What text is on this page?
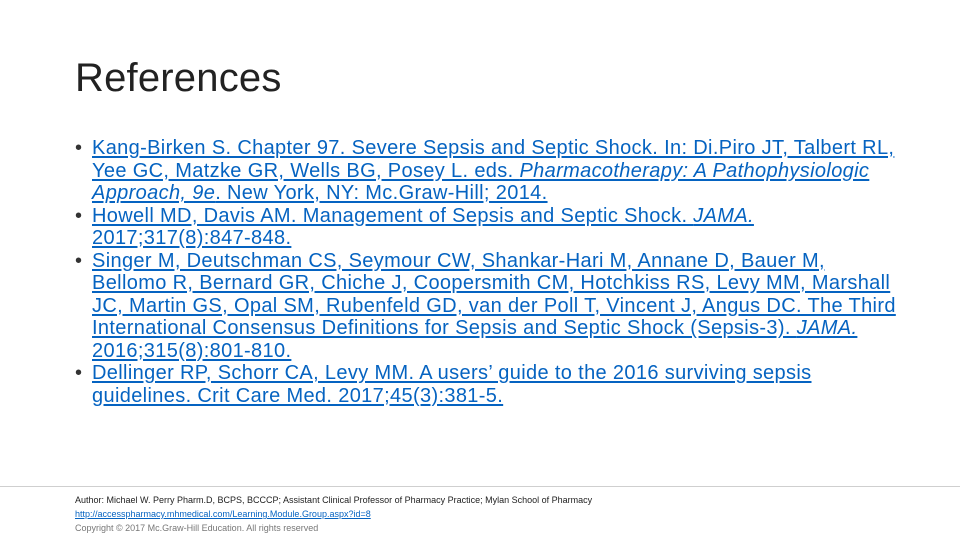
References
• Kang-Birken S. Chapter 97. Severe Sepsis and Septic Shock. In: Di.Piro JT, Talbert RL, Yee GC, Matzke GR, Wells BG, Posey L. eds. Pharmacotherapy: A Pathophysiologic Approach, 9e. New York, NY: Mc.Graw-Hill; 2014.
• Howell MD, Davis AM. Management of Sepsis and Septic Shock. JAMA. 2017;317(8):847-848.
• Singer M, Deutschman CS, Seymour CW, Shankar-Hari M, Annane D, Bauer M, Bellomo R, Bernard GR, Chiche J, Coopersmith CM, Hotchkiss RS, Levy MM, Marshall JC, Martin GS, Opal SM, Rubenfeld GD, van der Poll T, Vincent J, Angus DC. The Third International Consensus Definitions for Sepsis and Septic Shock (Sepsis-3). JAMA. 2016;315(8):801-810.
• Dellinger RP, Schorr CA, Levy MM. A users’ guide to the 2016 surviving sepsis guidelines. Crit Care Med. 2017;45(3):381-5.
Author: Michael W. Perry Pharm.D, BCPS, BCCCP; Assistant Clinical Professor of Pharmacy Practice; Mylan School of Pharmacy
http://accesspharmacy.mhmedical.com/Learning.Module.Group.aspx?id=8
Copyright © 2017 Mc.Graw-Hill Education. All rights reserved
